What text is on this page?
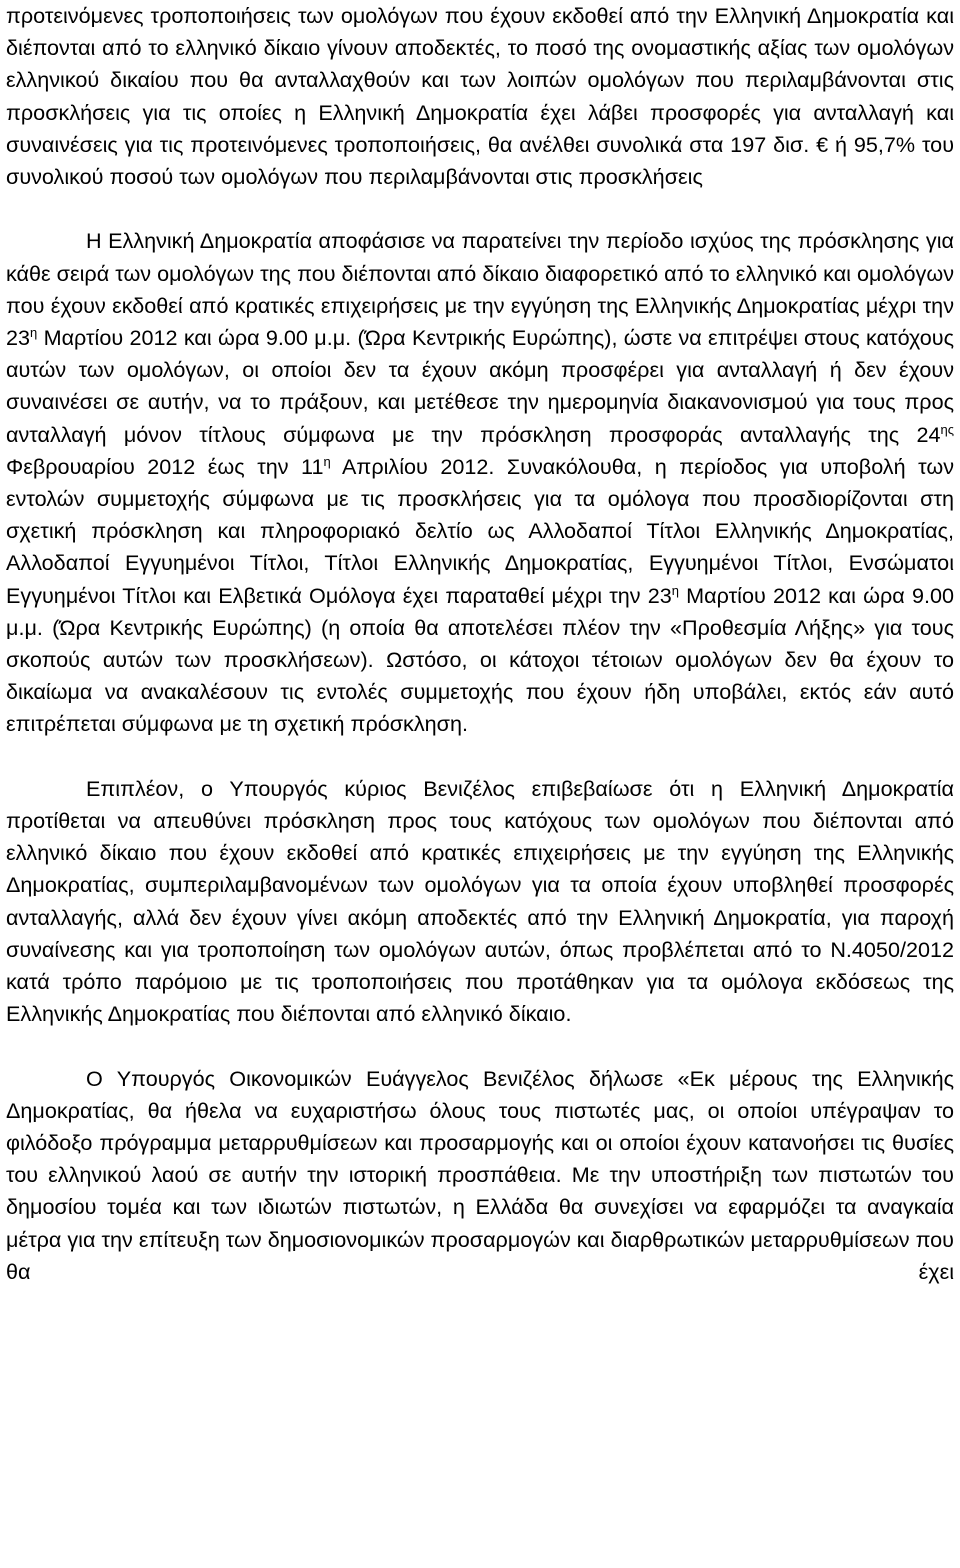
προτεινόμενες τροποποιήσεις των ομολόγων που έχουν εκδοθεί από την Ελληνική Δημοκρατία και διέπονται από το ελληνικό δίκαιο γίνουν αποδεκτές, το ποσό της ονομαστικής αξίας των ομολόγων ελληνικού δικαίου που θα ανταλλαχθούν και των λοιπών ομολόγων που περιλαμβάνονται στις προσκλήσεις για τις οποίες η Ελληνική Δημοκρατία έχει λάβει προσφορές για ανταλλαγή και συναινέσεις για τις προτεινόμενες τροποποιήσεις, θα ανέλθει συνολικά στα 197 δισ. € ή 95,7% του συνολικού ποσού των ομολόγων που περιλαμβάνονται στις προσκλήσεις

Η Ελληνική Δημοκρατία αποφάσισε να παρατείνει την περίοδο ισχύος της πρόσκλησης για κάθε σειρά των ομολόγων της που διέπονται από δίκαιο διαφορετικό από το ελληνικό και ομολόγων που έχουν εκδοθεί από κρατικές επιχειρήσεις με την εγγύηση της Ελληνικής Δημοκρατίας μέχρι την $23^\eta$ Μαρτίου 2012 και ώρα 9.00 μ.μ. (Ώρα Κεντρικής Ευρώπης), ώστε να επιτρέψει στους κατόχους αυτών των ομολόγων, οι οποίοι δεν τα έχουν ακόμη προσφέρει για ανταλλαγή ή δεν έχουν συναινέσει σε αυτήν, να το πράξουν, και μετέθεσε την ημερομηνία διακανονισμού για τους προς ανταλλαγή μόνον τίτλους σύμφωνα με την πρόσκληση προσφοράς ανταλλαγής της $24^{\eta\varsigma}$ Φεβρουαρίου 2012 έως την $11^\eta$ Απριλίου 2012. Συνακόλουθα, η περίοδος για υποβολή των εντολών συμμετοχής σύμφωνα με τις προσκλήσεις για τα ομόλογα που προσδιορίζονται στη σχετική πρόσκληση και πληροφοριακό δελτίο ως Αλλοδαποί Τίτλοι Ελληνικής Δημοκρατίας, Αλλοδαποί Εγγυημένοι Τίτλοι, Τίτλοι Ελληνικής Δημοκρατίας, Εγγυημένοι Τίτλοι, Ενσώματοι Εγγυημένοι Τίτλοι και Ελβετικά Ομόλογα έχει παραταθεί μέχρι την $23^\eta$ Μαρτίου 2012 και ώρα 9.00 μ.μ. (Ώρα Κεντρικής Ευρώπης) (η οποία θα αποτελέσει πλέον την «Προθεσμία Λήξης» για τους σκοπούς αυτών των προσκλήσεων). Ωστόσο, οι κάτοχοι τέτοιων ομολόγων δεν θα έχουν το δικαίωμα να ανακαλέσουν τις εντολές συμμετοχής που έχουν ήδη υποβάλει, εκτός εάν αυτό επιτρέπεται σύμφωνα με τη σχετική πρόσκληση.

Επιπλέον, ο Υπουργός κύριος Βενιζέλος επιβεβαίωσε ότι η Ελληνική Δημοκρατία προτίθεται να απευθύνει πρόσκληση προς τους κατόχους των ομολόγων που διέπονται από ελληνικό δίκαιο που έχουν εκδοθεί από κρατικές επιχειρήσεις με την εγγύηση της Ελληνικής Δημοκρατίας, συμπεριλαμβανομένων των ομολόγων για τα οποία έχουν υποβληθεί προσφορές ανταλλαγής, αλλά δεν έχουν γίνει ακόμη αποδεκτές από την Ελληνική Δημοκρατία, για παροχή συναίνεσης και για τροποποίηση των ομολόγων αυτών, όπως προβλέπεται από το Ν.4050/2012 κατά τρόπο παρόμοιο με τις τροποποιήσεις που προτάθηκαν για τα ομόλογα εκδόσεως της Ελληνικής Δημοκρατίας που διέπονται από ελληνικό δίκαιο.

Ο Υπουργός Οικονομικών Ευάγγελος Βενιζέλος δήλωσε «Εκ μέρους της Ελληνικής Δημοκρατίας, θα ήθελα να ευχαριστήσω όλους τους πιστωτές μας, οι οποίοι υπέγραψαν το φιλόδοξο πρόγραμμα μεταρρυθμίσεων και προσαρμογής και οι οποίοι έχουν κατανοήσει τις θυσίες του ελληνικού λαού σε αυτήν την ιστορική προσπάθεια. Με την υποστήριξη των πιστωτών του δημοσίου τομέα και των ιδιωτών πιστωτών, η Ελλάδα θα συνεχίσει να εφαρμόζει τα αναγκαία μέτρα για την επίτευξη των δημοσιονομικών προσαρμογών και διαρθρωτικών μεταρρυθμίσεων που θα έχει
